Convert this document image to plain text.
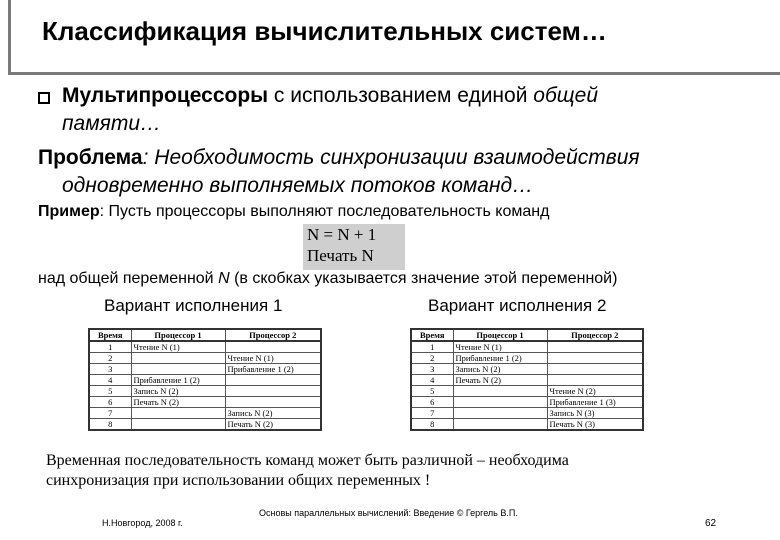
Классификация вычислительных систем…
Мультипроцессоры с использованием единой общей
памяти…
Проблема: Необходимость синхронизации взаимодействия
одновременно выполняемых потоков команд…
Пример: Пусть процессоры выполняют последовательность команд
N = N + 1
Печать N
над общей переменной N (в скобках указывается значение этой переменной)
Вариант исполнения 1	Вариант исполнения 2
Время	Процессор 1	Процессор 2
1	Чтение N (1)	
2		Чтение N (1)
3		Прибавление 1 (2)
4	Прибавление 1 (2)	
5	Запись N (2)	
6	Печать N (2)	
7		Запись N (2)
8		Печать N (2)
Время	Процессор 1	Процессор 2
1	Чтение N (1)	
2	Прибавление 1 (2)	
3	Запись N (2)	
4	Печать N (2)	
5		Чтение N (2)
6		Прибавление 1 (3)
7		Запись N (3)
8		Печать N (3)
Временная последовательность команд может быть различной – необходима
синхронизация при использовании общих переменных !
Н.Новгород, 2008 г.
Основы параллельных вычислений: Введение © Гергель В.П.
62
